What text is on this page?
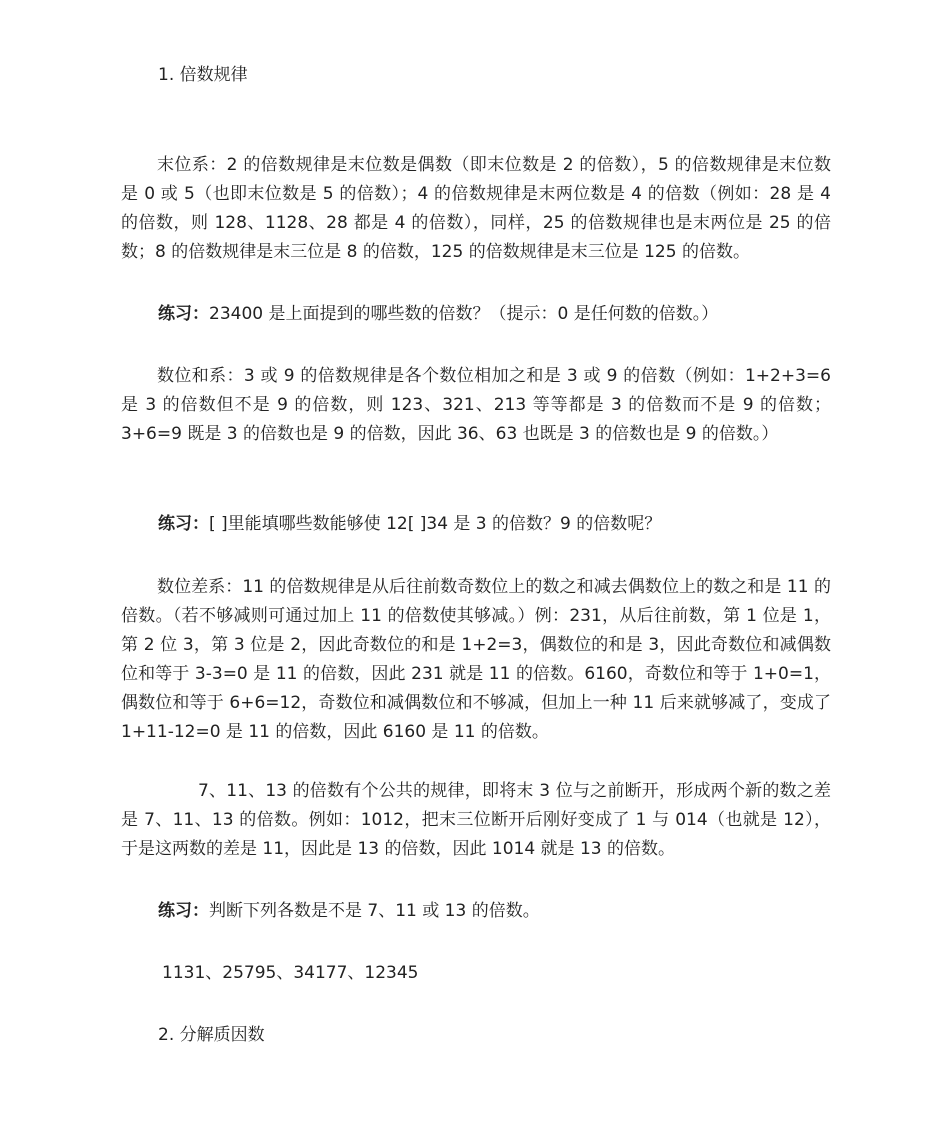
1. 倍数规律

末位系：2 的倍数规律是末位数是偶数（即末位数是 2 的倍数），5 的倍数规律是末位数是 0 或 5（也即末位数是 5 的倍数）；4 的倍数规律是末两位数是 4 的倍数（例如：28 是 4 的倍数，则 128、1128、28 都是 4 的倍数），同样，25 的倍数规律也是末两位是 25 的倍数；8 的倍数规律是末三位是 8 的倍数，125 的倍数规律是末三位是 125 的倍数。

练习：23400 是上面提到的哪些数的倍数？（提示：0 是任何数的倍数。）

数位和系：3 或 9 的倍数规律是各个数位相加之和是 3 或 9 的倍数（例如：1+2+3=6 是 3 的倍数但不是 9 的倍数，则 123、321、213 等等都是 3 的倍数而不是 9 的倍数；3+6=9 既是 3 的倍数也是 9 的倍数，因此 36、63 也既是 3 的倍数也是 9 的倍数。）

练习：[ ]里能填哪些数能够使 12[ ]34 是 3 的倍数？9 的倍数呢？

数位差系：11 的倍数规律是从后往前数奇数位上的数之和减去偶数位上的数之和是 11 的倍数。（若不够减则可通过加上 11 的倍数使其够减。）例：231，从后往前数，第 1 位是 1，第 2 位 3，第 3 位是 2，因此奇数位的和是 1+2=3，偶数位的和是 3，因此奇数位和减偶数位和等于 3-3=0 是 11 的倍数，因此 231 就是 11 的倍数。6160，奇数位和等于 1+0=1，偶数位和等于 6+6=12，奇数位和减偶数位和不够减，但加上一种 11 后来就够减了，变成了 1+11-12=0 是 11 的倍数，因此 6160 是 11 的倍数。

7、11、13 的倍数有个公共的规律，即将末 3 位与之前断开，形成两个新的数之差是 7、11、13 的倍数。例如：1012，把末三位断开后刚好变成了 1 与 014（也就是 12），于是这两数的差是 11，因此是 13 的倍数，因此 1014 就是 13 的倍数。

练习：判断下列各数是不是 7、11 或 13 的倍数。

1131、25795、34177、12345

2. 分解质因数
